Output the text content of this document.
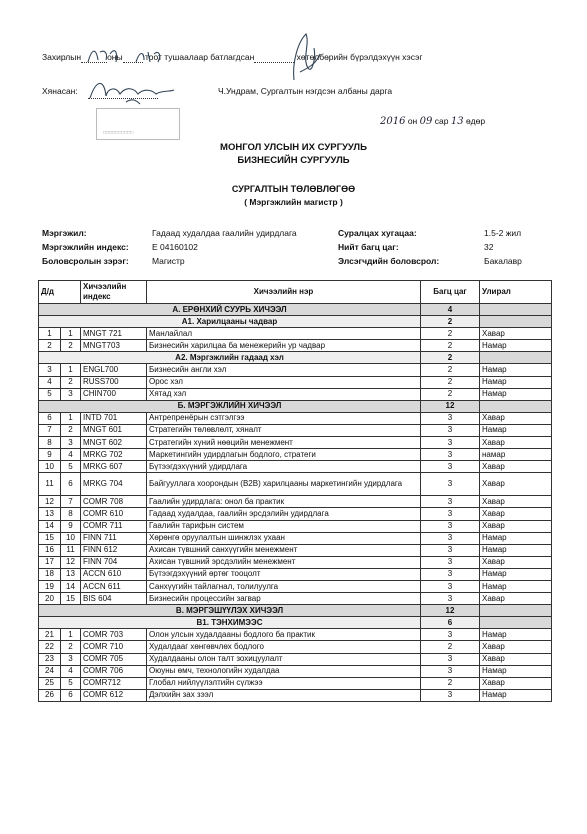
Захирлын	оны	тоот тушаалаар батлагдсан	хөтөлбөрийн бүрэлдэхүүн хэсэг
Хянасан:	Ч.Ундрам, Сургалтын нэгдсэн албаны дарга
□□□□□□□□□□
2016 он 09 сар 13 өдөр
МОНГОЛ УЛСЫН ИХ СУРГУУЛЬ
БИЗНЕСИЙН СУРГУУЛЬ
СУРГАЛТЫН ТӨЛӨВЛӨГӨӨ
( Мэргэжлийн магистр )
Мэргэжил:	Гадаад худалдаа гаалийн удирдлага
Мэргэжлийн индекс:	Е 04160102
Боловсролын зэрэг:	Магистр
Суралцах хугацаа:	1.5-2 жил
Нийт багц цаг:	32
Элсэгчдийн боловсрол:	Бакалавр
Д/д		Хичээлийн индекс	Хичээлийн нэр	Багц цаг	Улирал
А. ЕРӨНХИЙ СУУРЬ ХИЧЭЭЛ				4	
А1. Харилцааны чадвар				2	
1	1	MNGT 721	Манлайлал	2	Хавар
2	2	MNGT703	Бизнесийн харилцаа ба менежерийн ур чадвар	2	Намар
А2. Мэргэжлийн гадаад хэл				2	
3	1	ENGL700	Бизнесийн англи хэл	2	Намар
4	2	RUSS700	Орос хэл	2	Намар
5	3	CHIN700	Хятад хэл	2	Намар
Б. МЭРГЭЖЛИЙН ХИЧЭЭЛ				12	
6	1	INTD 701	Антрепренёрын сэтгэлгээ	3	Хавар
7	2	MNGT 601	Стратегийн төлөвлөлт, хяналт	3	Намар
8	3	MNGT 602	Стратегийн хүний нөөцийн менежмент	3	Хавар
9	4	MRKG 702	Маркетингийн удирдлагын бодлого, стратеги	3	намар
10	5	MRKG 607	Бүтээгдэхүүний удирдлага	3	Хавар
11	6	MRKG 704	Байгууллага хоорондын (B2B) харилцааны маркетингийн удирдлага	3	Хавар
12	7	COMR 708	Гаалийн удирдлага: онол ба практик	3	Хавар
13	8	COMR 610	Гадаад худалдаа, гаалийн эрсдэлийн удирдлага	3	Хавар
14	9	COMR 711	Гаалийн тарифын систем	3	Хавар
15	10	FINN 711	Хөрөнгө оруулалтын шинжлэх ухаан	3	Намар
16	11	FINN 612	Ахисан түвшний санхүүгийн менежмент	3	Намар
17	12	FINN 704	Ахисан түвшний эрсдэлийн менежмент	3	Хавар
18	13	ACCN 610	Бүтээгдэхүүний өртөг тооцолт	3	Намар
19	14	ACCN 611	Санхүүгийн тайлагнал, толилуулга	3	Намар
20	15	BIS 604	Бизнесийн процессийн загвар	3	Хавар
В. МЭРГЭШҮҮЛЭХ ХИЧЭЭЛ				12	
В1. ТЭНХИМЭЭС				6	
21	1	COMR 703	Олон улсын худалдааны бодлого ба практик	3	Намар
22	2	COMR 710	Худалдааг хөнгөвчлөх бодлого	2	Хавар
23	3	COMR 705	Худалдааны олон талт зохицуулалт	3	Хавар
24	4	COMR 706	Оюуны өмч, технологийн худалдаа	3	Намар
25	5	COMR712	Глобал нийлүүлэлтийн сүлжээ	2	Хавар
26	6	COMR 612	Дэлхийн зах зээл	3	Намар
